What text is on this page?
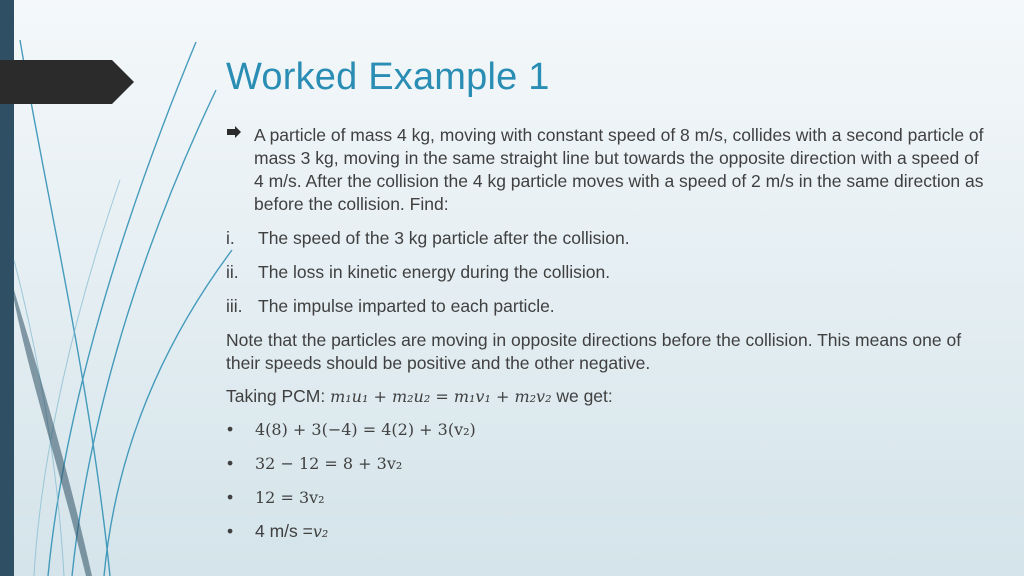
Worked Example 1
A particle of mass 4 kg, moving with constant speed of 8 m/s, collides with a second particle of mass 3 kg, moving in the same straight line but towards the opposite direction with a speed of 4 m/s. After the collision the 4 kg particle moves with a speed of 2 m/s in the same direction as before the collision. Find:
i.	The speed of the 3 kg particle after the collision.
ii.	The loss in kinetic energy during the collision.
iii. The impulse imparted to each particle.
Note that the particles are moving in opposite directions before the collision. This means one of their speeds should be positive and the other negative.
Taking PCM: m₁u₁ + m₂u₂ = m₁v₁ + m₂v₂ we get:
•	4(8) + 3(−4) = 4(2) + 3(v₂)
•	32 − 12 = 8 + 3v₂
•	12 = 3v₂
•	4 m/s = v₂
